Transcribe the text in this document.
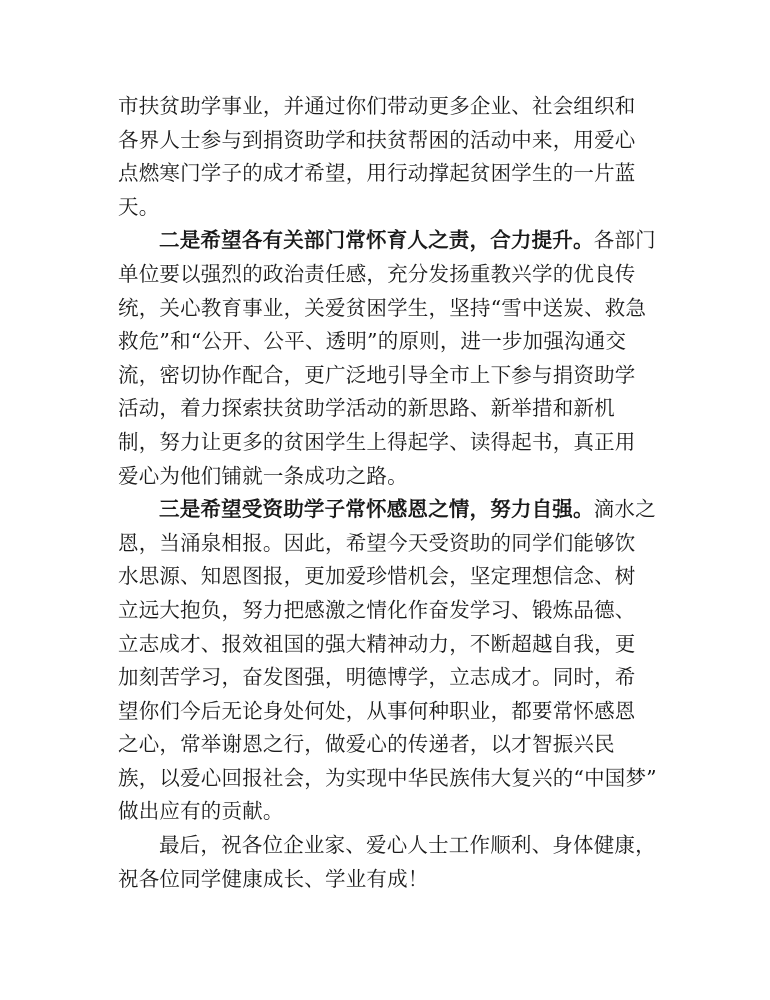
市扶贫助学事业，并通过你们带动更多企业、社会组织和
各界人士参与到捐资助学和扶贫帮困的活动中来，用爱心
点燃寒门学子的成才希望，用行动撑起贫困学生的一片蓝
天。
二是希望各有关部门常怀育人之责，合力提升。各部门
单位要以强烈的政治责任感，充分发扬重教兴学的优良传
统，关心教育事业，关爱贫困学生，坚持“雪中送炭、救急
救危”和“公开、公平、透明”的原则，进一步加强沟通交
流，密切协作配合，更广泛地引导全市上下参与捐资助学
活动，着力探索扶贫助学活动的新思路、新举措和新机
制，努力让更多的贫困学生上得起学、读得起书，真正用
爱心为他们铺就一条成功之路。
三是希望受资助学子常怀感恩之情，努力自强。滴水之
恩，当涌泉相报。因此，希望今天受资助的同学们能够饮
水思源、知恩图报，更加爱珍惜机会，坚定理想信念、树
立远大抱负，努力把感激之情化作奋发学习、锻炼品德、
立志成才、报效祖国的强大精神动力，不断超越自我，更
加刻苦学习，奋发图强，明德博学，立志成才。同时，希
望你们今后无论身处何处，从事何种职业，都要常怀感恩
之心，常举谢恩之行，做爱心的传递者，以才智振兴民
族，以爱心回报社会，为实现中华民族伟大复兴的“中国梦”
做出应有的贡献。
最后，祝各位企业家、爱心人士工作顺利、身体健康，
祝各位同学健康成长、学业有成！
